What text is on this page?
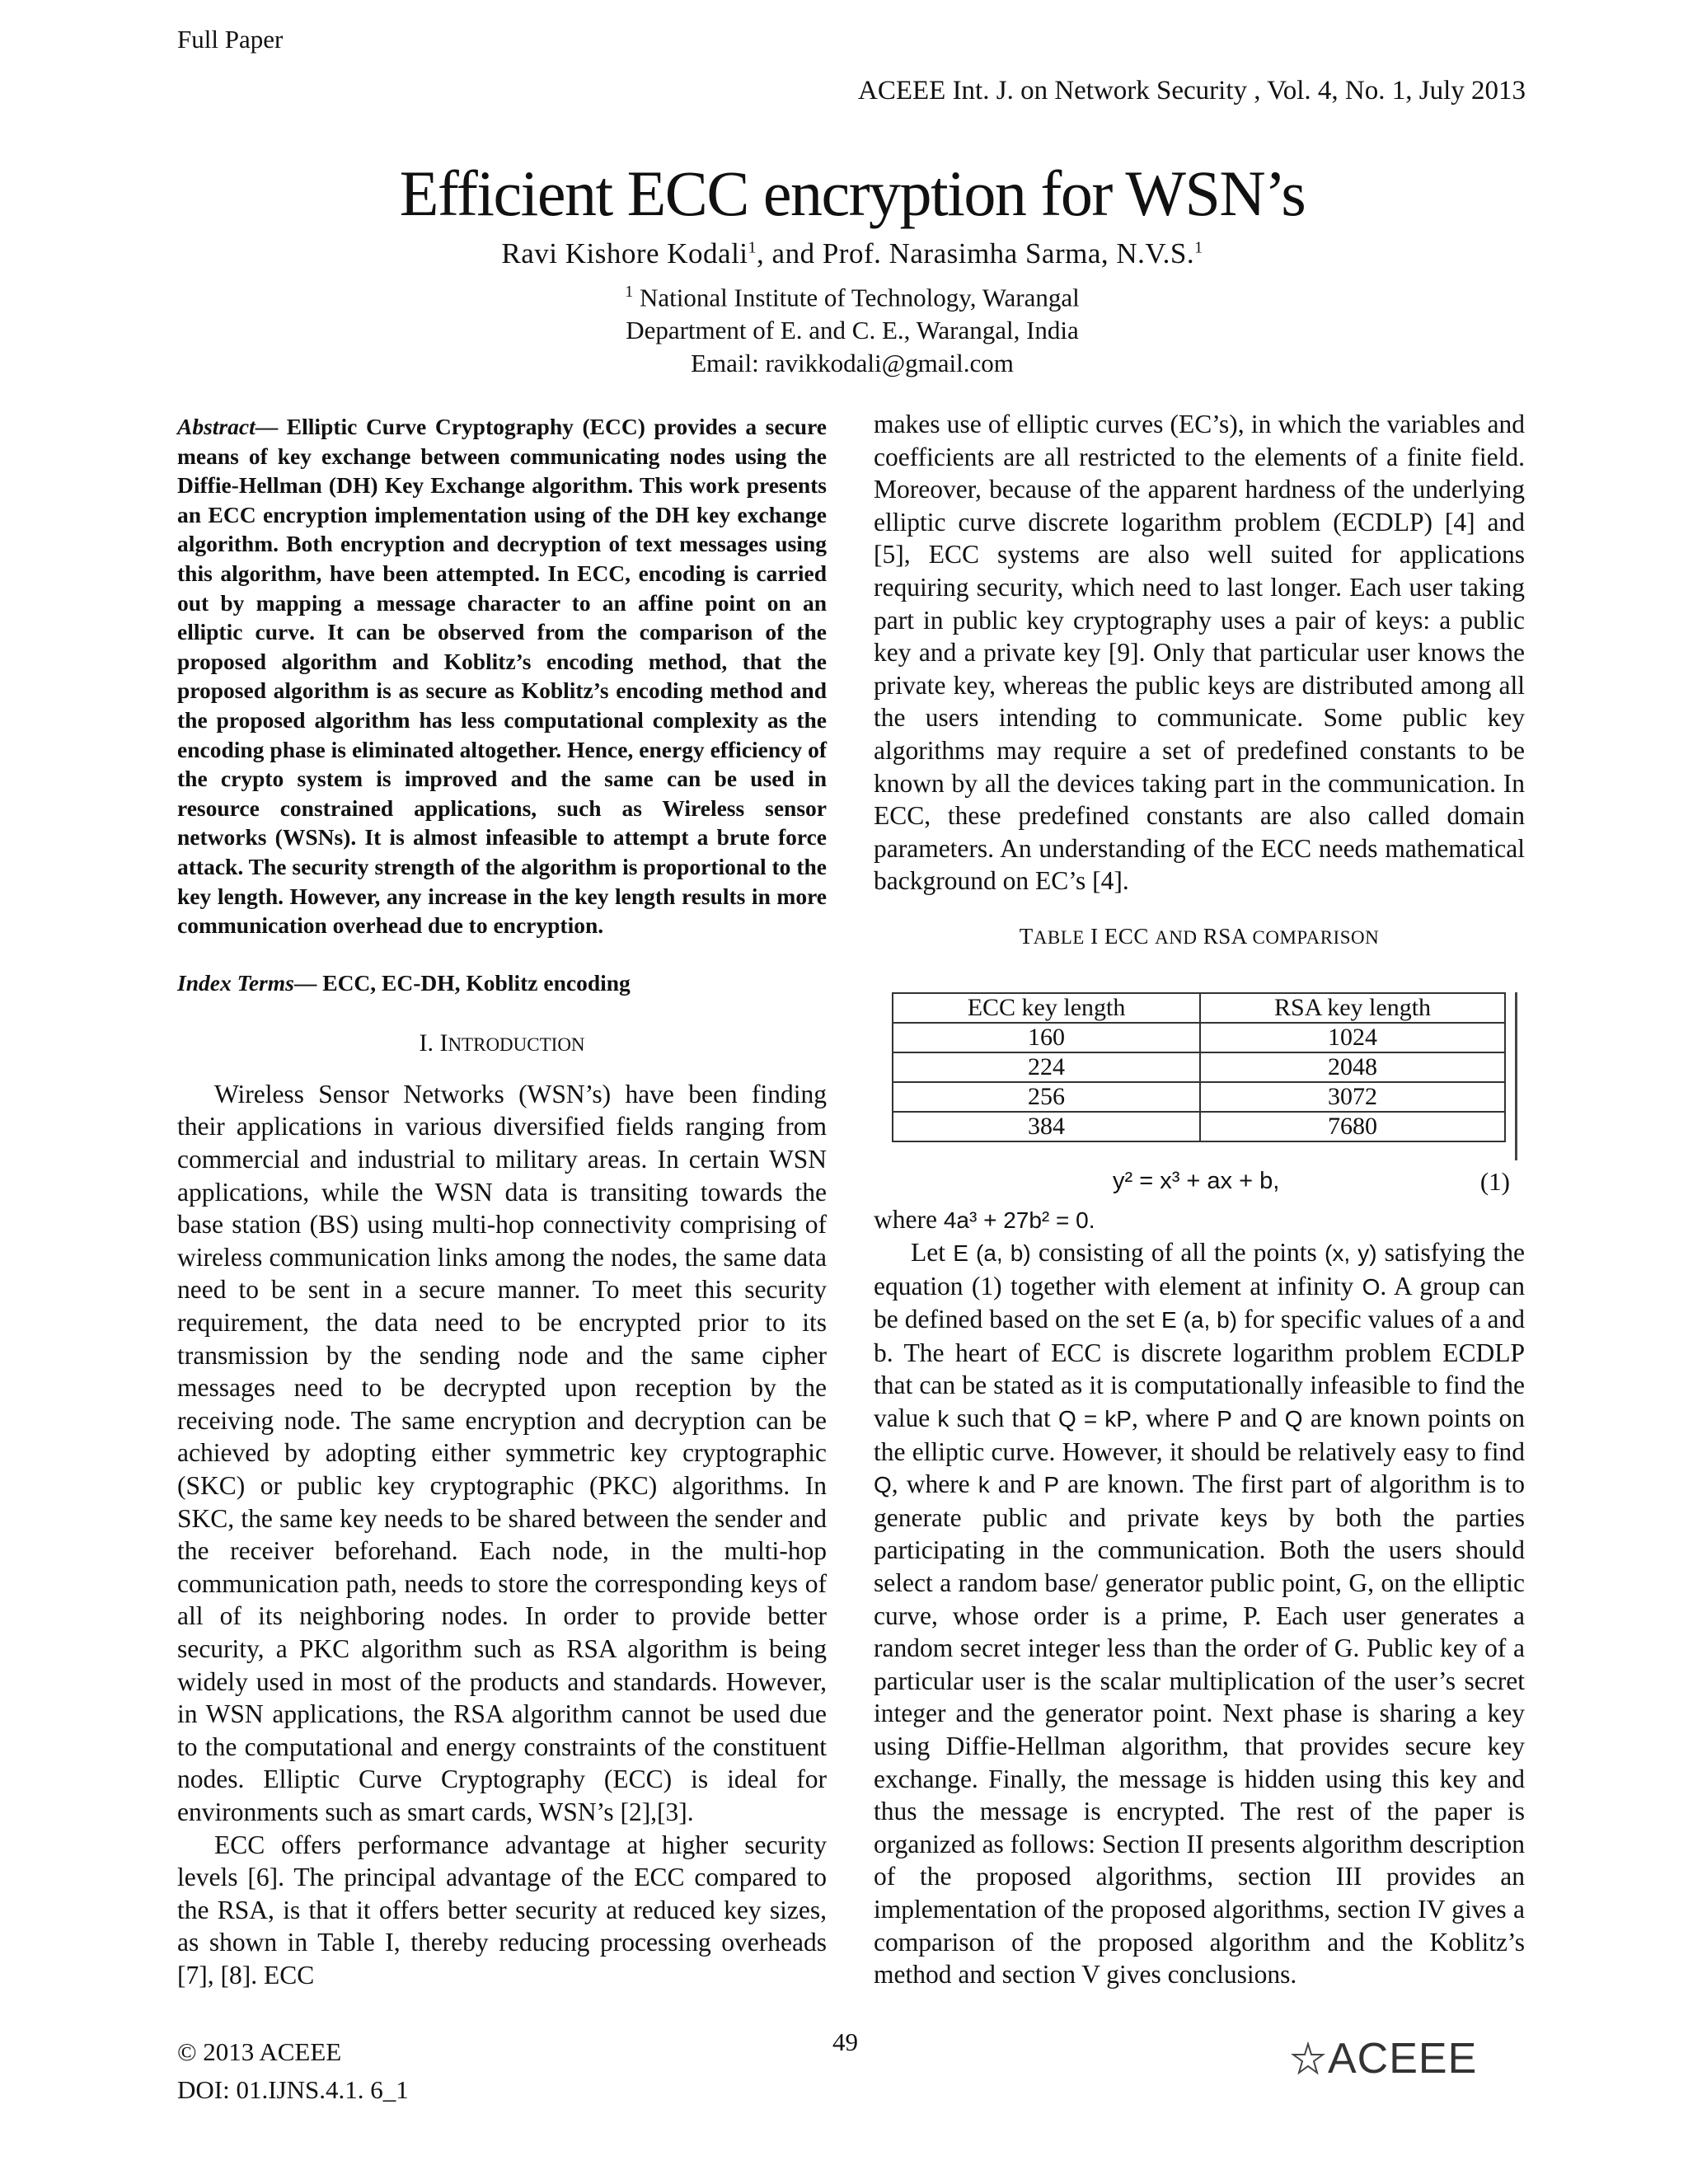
Full Paper
ACEEE Int. J. on Network Security , Vol. 4, No. 1, July 2013
Efficient ECC encryption for WSN’s
Ravi Kishore Kodali$^1$, and Prof. Narasimha Sarma, N.V.S.$^1$
$^1$ National Institute of Technology, Warangal
Department of E. and C. E., Warangal, India
Email: ravikkodali@gmail.com

Abstract— Elliptic Curve Cryptography (ECC) provides a secure means of key exchange between communicating nodes using the Diffie-Hellman (DH) Key Exchange algorithm. This work presents an ECC encryption implementation using of the DH key exchange algorithm. Both encryption and decryption of text messages using this algorithm, have been attempted. In ECC, encoding is carried out by mapping a message character to an affine point on an elliptic curve. It can be observed from the comparison of the proposed algorithm and Koblitz’s encoding method, that the proposed algorithm is as secure as Koblitz’s encoding method and the proposed algorithm has less computational complexity as the encoding phase is eliminated altogether. Hence, energy efficiency of the crypto system is improved and the same can be used in resource constrained applications, such as Wireless sensor networks (WSNs). It is almost infeasible to attempt a brute force attack. The security strength of the algorithm is proportional to the key length. However, any increase in the key length results in more communication overhead due to encryption.

Index Terms— ECC, EC-DH, Koblitz encoding

I. INTRODUCTION

Wireless Sensor Networks (WSN’s) have been finding their applications in various diversified fields ranging from commercial and industrial to military areas. In certain WSN applications, while the WSN data is transiting towards the base station (BS) using multi-hop connectivity comprising of wireless communication links among the nodes, the same data need to be sent in a secure manner. To meet this security requirement, the data need to be encrypted prior to its transmission by the sending node and the same cipher messages need to be decrypted upon reception by the receiving node. The same encryption and decryption can be achieved by adopting either symmetric key cryptographic (SKC) or public key cryptographic (PKC) algorithms. In SKC, the same key needs to be shared between the sender and the receiver beforehand. Each node, in the multi-hop communication path, needs to store the corresponding keys of all of its neighboring nodes. In order to provide better security, a PKC algorithm such as RSA algorithm is being widely used in most of the products and standards. However, in WSN applications, the RSA algorithm cannot be used due to the computational and energy constraints of the constituent nodes. Elliptic Curve Cryptography (ECC) is ideal for environments such as smart cards, WSN’s [2],[3].

ECC offers performance advantage at higher security levels [6]. The principal advantage of the ECC compared to the RSA, is that it offers better security at reduced key sizes, as shown in Table I, thereby reducing processing overheads [7], [8]. ECC

makes use of elliptic curves (EC’s), in which the variables and coefficients are all restricted to the elements of a finite field. Moreover, because of the apparent hardness of the underlying elliptic curve discrete logarithm problem (ECDLP) [4] and [5], ECC systems are also well suited for applications requiring security, which need to last longer. Each user taking part in public key cryptography uses a pair of keys: a public key and a private key [9]. Only that particular user knows the private key, whereas the public keys are distributed among all the users intending to communicate. Some public key algorithms may require a set of predefined constants to be known by all the devices taking part in the communication. In ECC, these predefined constants are also called domain parameters. An understanding of the ECC needs mathematical background on EC’s [4].

TABLE I ECC AND RSA COMPARISON
ECC key length	RSA key length
160	1024
224	2048
256	3072
384	7680
y² = x³ + ax + b,	(1)

where 4a³ + 27b² = 0.

Let E (a, b) consisting of all the points (x, y) satisfying the equation (1) together with element at infinity O. A group can be defined based on the set E (a, b) for specific values of a and b. The heart of ECC is discrete logarithm problem ECDLP that can be stated as it is computationally infeasible to find the value k such that Q = kP, where P and Q are known points on the elliptic curve. However, it should be relatively easy to find Q, where k and P are known. The first part of algorithm is to generate public and private keys by both the parties participating in the communication. Both the users should select a random base/ generator public point, G, on the elliptic curve, whose order is a prime, P. Each user generates a random secret integer less than the order of G. Public key of a particular user is the scalar multiplication of the user’s secret integer and the generator point. Next phase is sharing a key using Diffie-Hellman algorithm, that provides secure key exchange. Finally, the message is hidden using this key and thus the message is encrypted. The rest of the paper is organized as follows: Section II presents algorithm description of the proposed algorithms, section III provides an implementation of the proposed algorithms, section IV gives a comparison of the proposed algorithm and the Koblitz’s method and section V gives conclusions.

© 2013 ACEEE
DOI: 01.IJNS.4.1. 6_1
49	ACEEE
